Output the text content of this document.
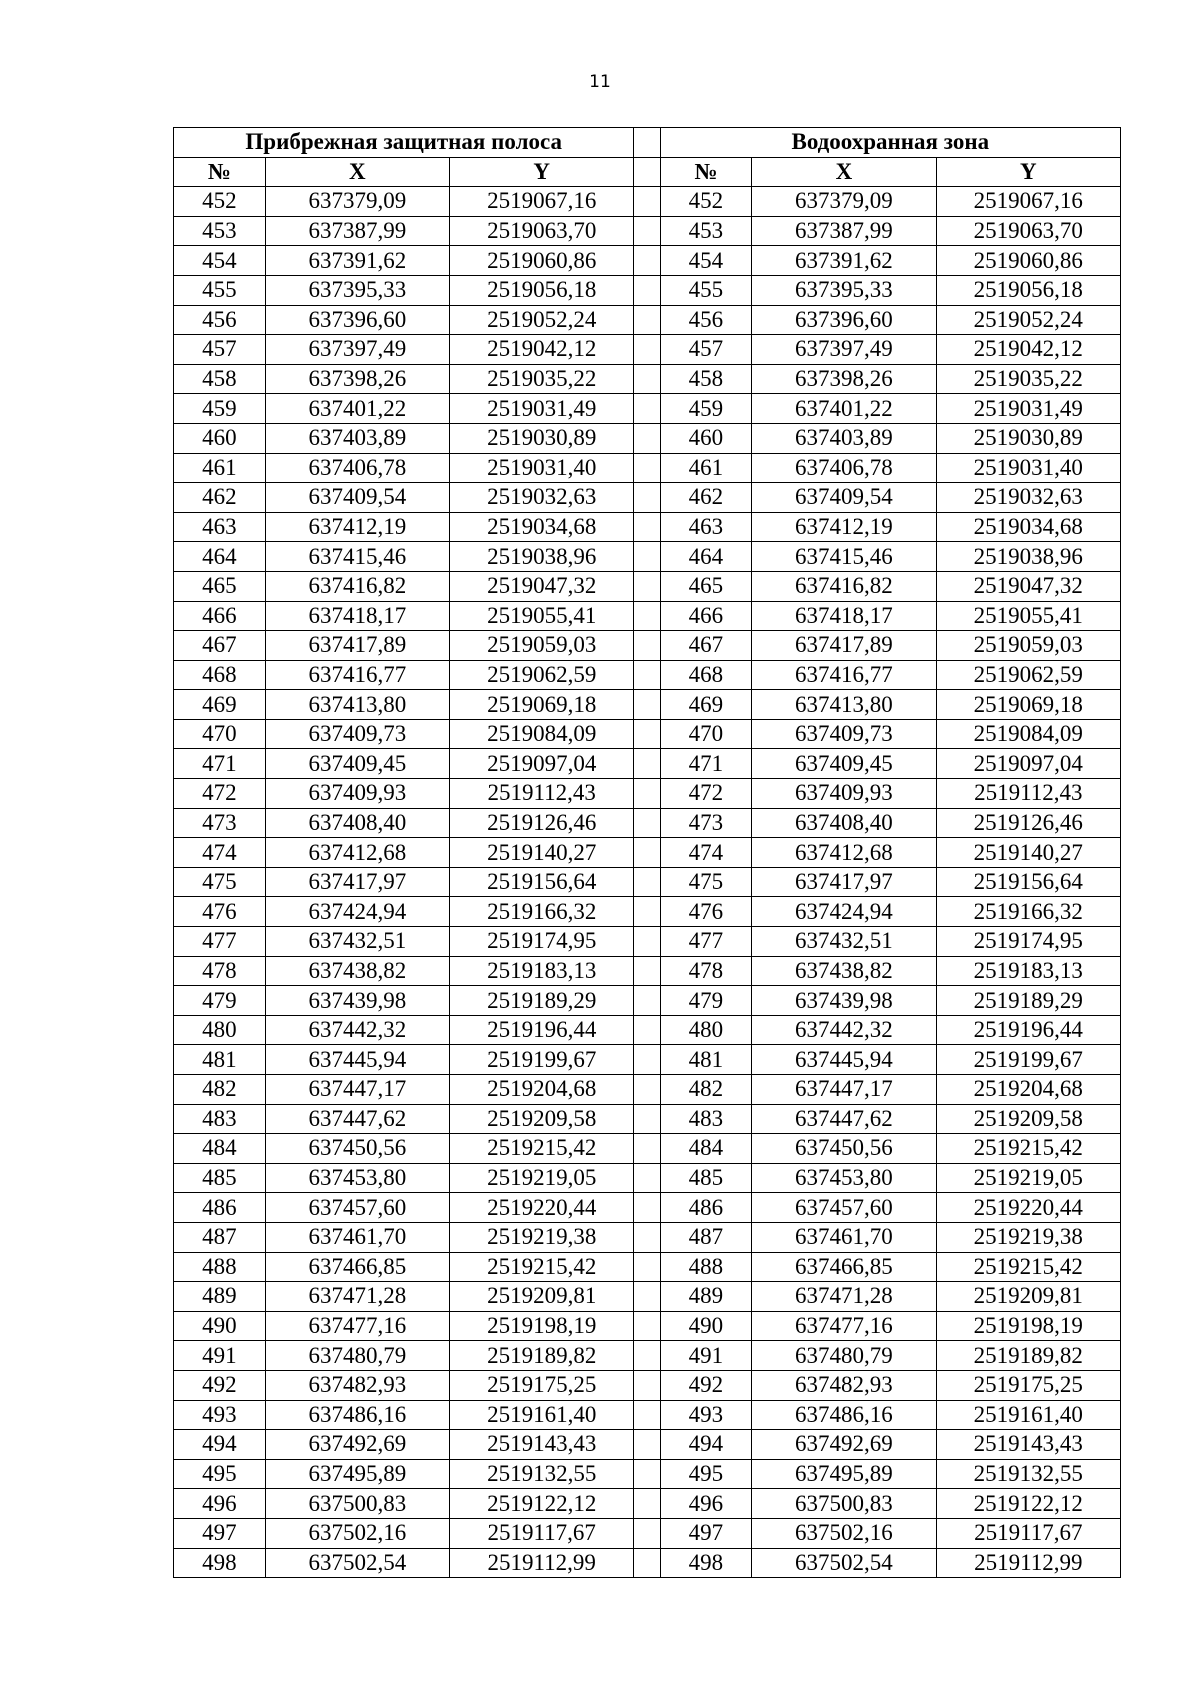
11
Прибрежная защитная полоса				Водоохранная зона		
№	X	Y		№	X	Y
452	637379,09	2519067,16		452	637379,09	2519067,16
453	637387,99	2519063,70		453	637387,99	2519063,70
454	637391,62	2519060,86		454	637391,62	2519060,86
455	637395,33	2519056,18		455	637395,33	2519056,18
456	637396,60	2519052,24		456	637396,60	2519052,24
457	637397,49	2519042,12		457	637397,49	2519042,12
458	637398,26	2519035,22		458	637398,26	2519035,22
459	637401,22	2519031,49		459	637401,22	2519031,49
460	637403,89	2519030,89		460	637403,89	2519030,89
461	637406,78	2519031,40		461	637406,78	2519031,40
462	637409,54	2519032,63		462	637409,54	2519032,63
463	637412,19	2519034,68		463	637412,19	2519034,68
464	637415,46	2519038,96		464	637415,46	2519038,96
465	637416,82	2519047,32		465	637416,82	2519047,32
466	637418,17	2519055,41		466	637418,17	2519055,41
467	637417,89	2519059,03		467	637417,89	2519059,03
468	637416,77	2519062,59		468	637416,77	2519062,59
469	637413,80	2519069,18		469	637413,80	2519069,18
470	637409,73	2519084,09		470	637409,73	2519084,09
471	637409,45	2519097,04		471	637409,45	2519097,04
472	637409,93	2519112,43		472	637409,93	2519112,43
473	637408,40	2519126,46		473	637408,40	2519126,46
474	637412,68	2519140,27		474	637412,68	2519140,27
475	637417,97	2519156,64		475	637417,97	2519156,64
476	637424,94	2519166,32		476	637424,94	2519166,32
477	637432,51	2519174,95		477	637432,51	2519174,95
478	637438,82	2519183,13		478	637438,82	2519183,13
479	637439,98	2519189,29		479	637439,98	2519189,29
480	637442,32	2519196,44		480	637442,32	2519196,44
481	637445,94	2519199,67		481	637445,94	2519199,67
482	637447,17	2519204,68		482	637447,17	2519204,68
483	637447,62	2519209,58		483	637447,62	2519209,58
484	637450,56	2519215,42		484	637450,56	2519215,42
485	637453,80	2519219,05		485	637453,80	2519219,05
486	637457,60	2519220,44		486	637457,60	2519220,44
487	637461,70	2519219,38		487	637461,70	2519219,38
488	637466,85	2519215,42		488	637466,85	2519215,42
489	637471,28	2519209,81		489	637471,28	2519209,81
490	637477,16	2519198,19		490	637477,16	2519198,19
491	637480,79	2519189,82		491	637480,79	2519189,82
492	637482,93	2519175,25		492	637482,93	2519175,25
493	637486,16	2519161,40		493	637486,16	2519161,40
494	637492,69	2519143,43		494	637492,69	2519143,43
495	637495,89	2519132,55		495	637495,89	2519132,55
496	637500,83	2519122,12		496	637500,83	2519122,12
497	637502,16	2519117,67		497	637502,16	2519117,67
498	637502,54	2519112,99		498	637502,54	2519112,99
